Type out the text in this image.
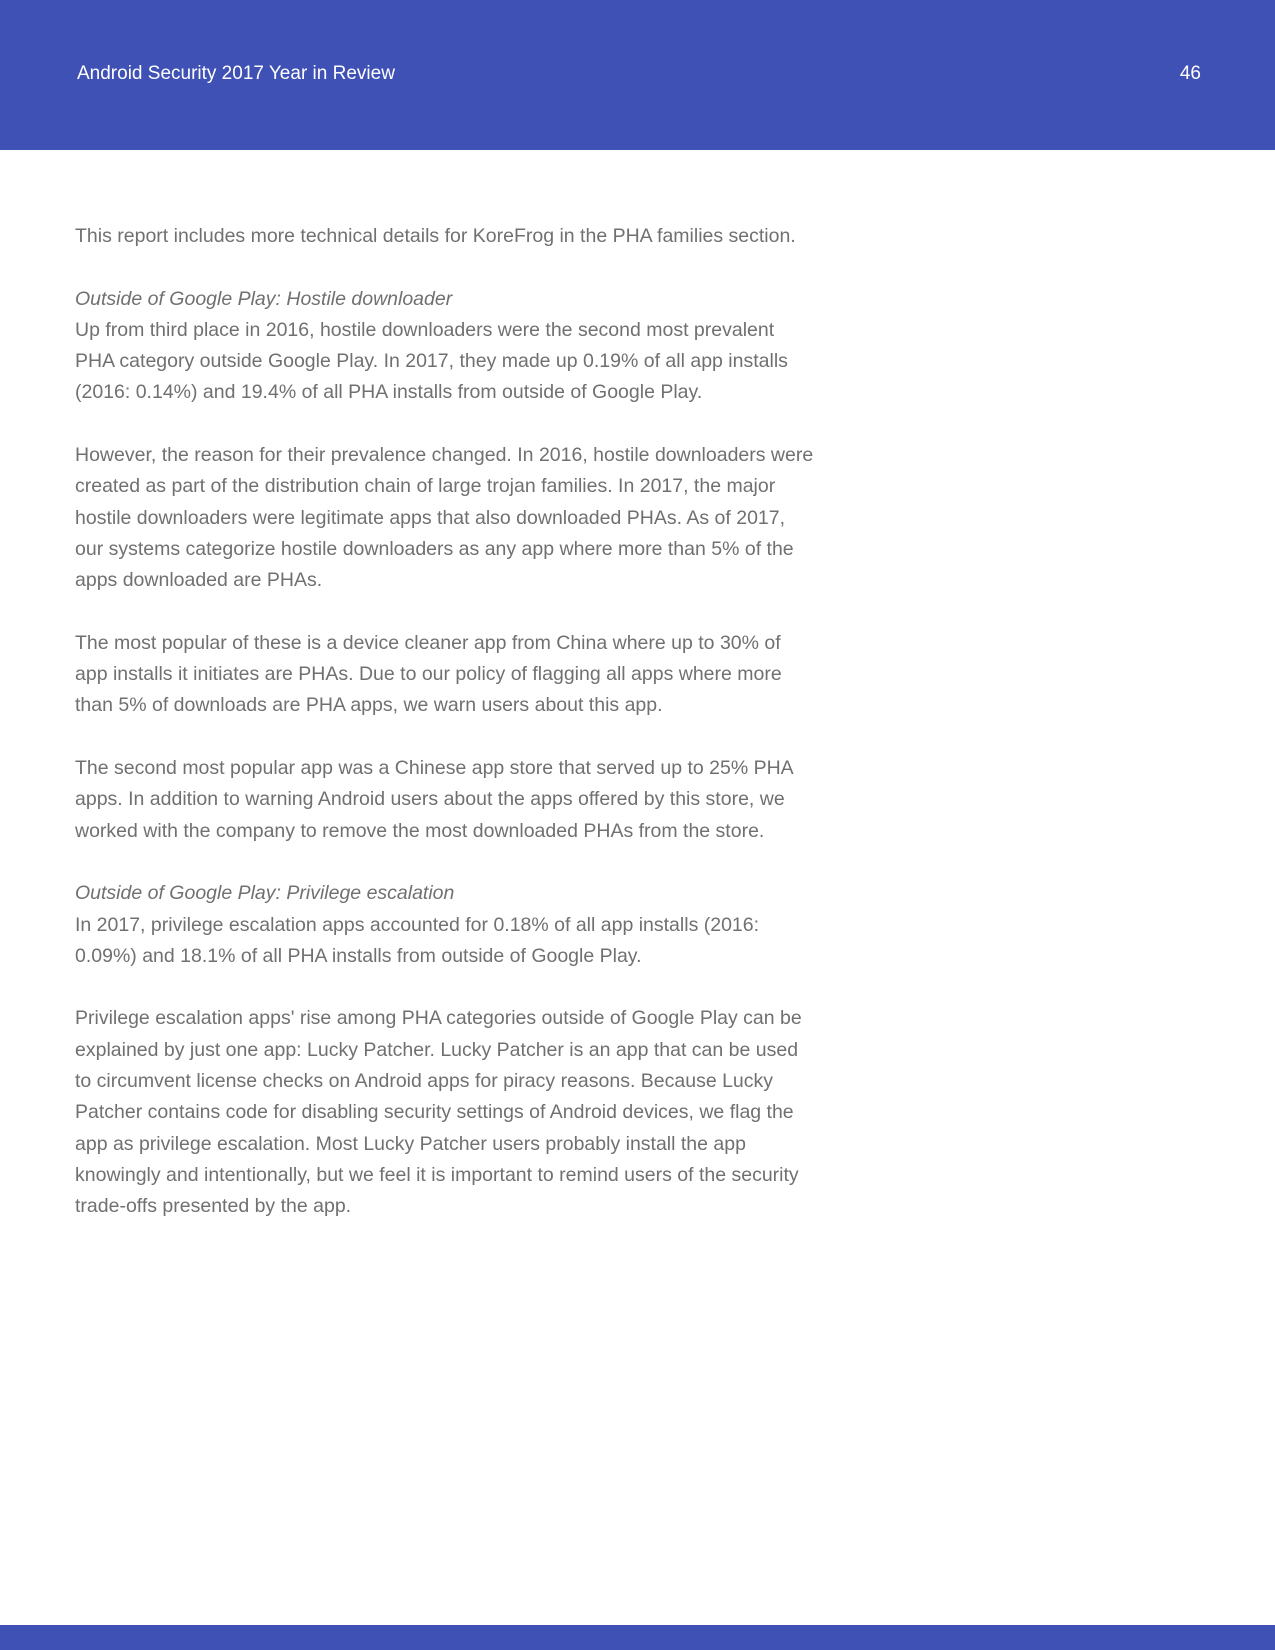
Android Security 2017 Year in Review	46

This report includes more technical details for KoreFrog in the PHA families section.

Outside of Google Play: Hostile downloader
Up from third place in 2016, hostile downloaders were the second most prevalent PHA category outside Google Play. In 2017, they made up 0.19% of all app installs (2016: 0.14%) and 19.4% of all PHA installs from outside of Google Play.

However, the reason for their prevalence changed. In 2016, hostile downloaders were created as part of the distribution chain of large trojan families. In 2017, the major hostile downloaders were legitimate apps that also downloaded PHAs. As of 2017, our systems categorize hostile downloaders as any app where more than 5% of the apps downloaded are PHAs.

The most popular of these is a device cleaner app from China where up to 30% of app installs it initiates are PHAs. Due to our policy of flagging all apps where more than 5% of downloads are PHA apps, we warn users about this app.

The second most popular app was a Chinese app store that served up to 25% PHA apps. In addition to warning Android users about the apps offered by this store, we worked with the company to remove the most downloaded PHAs from the store.

Outside of Google Play: Privilege escalation
In 2017, privilege escalation apps accounted for 0.18% of all app installs (2016: 0.09%) and 18.1% of all PHA installs from outside of Google Play.

Privilege escalation apps' rise among PHA categories outside of Google Play can be explained by just one app: Lucky Patcher. Lucky Patcher is an app that can be used to circumvent license checks on Android apps for piracy reasons. Because Lucky Patcher contains code for disabling security settings of Android devices, we flag the app as privilege escalation. Most Lucky Patcher users probably install the app knowingly and intentionally, but we feel it is important to remind users of the security trade-offs presented by the app.
